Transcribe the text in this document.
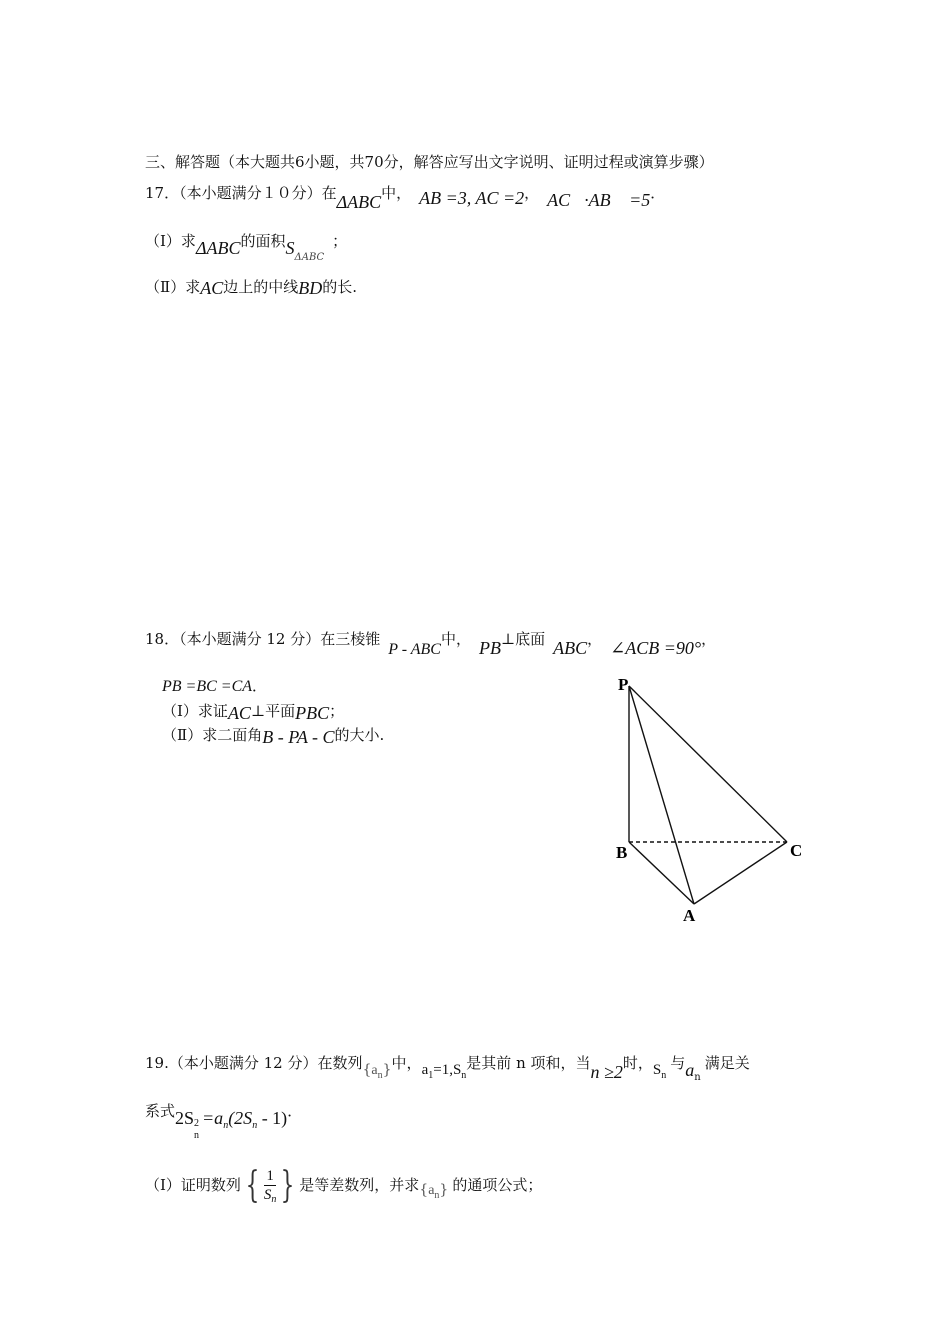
三、解答题（本大题共6小题，共70分，解答应写出文字说明、证明过程或演算步骤）
17．（本小题满分１０分）在ΔABC中， AB =3, AC =2， AC⃗·AB⃗ =5．
（Ⅰ）求ΔABC的面积$S_{\Delta ABC}$；
（Ⅱ）求AC边上的中线BD的长.
18．（本小题满分 12 分）在三棱锥P - ABC中， PB⊥底面 ABC， ∠ACB =90°，
PB =BC =CA．
（Ⅰ）求证AC⊥平面PBC；
（Ⅱ）求二面角B - PA - C的大小.
P
B	C
A
19.（本小题满分 12 分）在数列$\{a_n\}$中，$a_1=1,S_n$是其前 n 项和，当n ≥2时，$S_n$与$a_n$满足关
系式2S 2
n
$=a_n(2S_n - 1)$．
（Ⅰ）证明数列 { $\frac{1}{S_n}$ } 是等差数列，并求$\{a_n\}$ 的通项公式；
